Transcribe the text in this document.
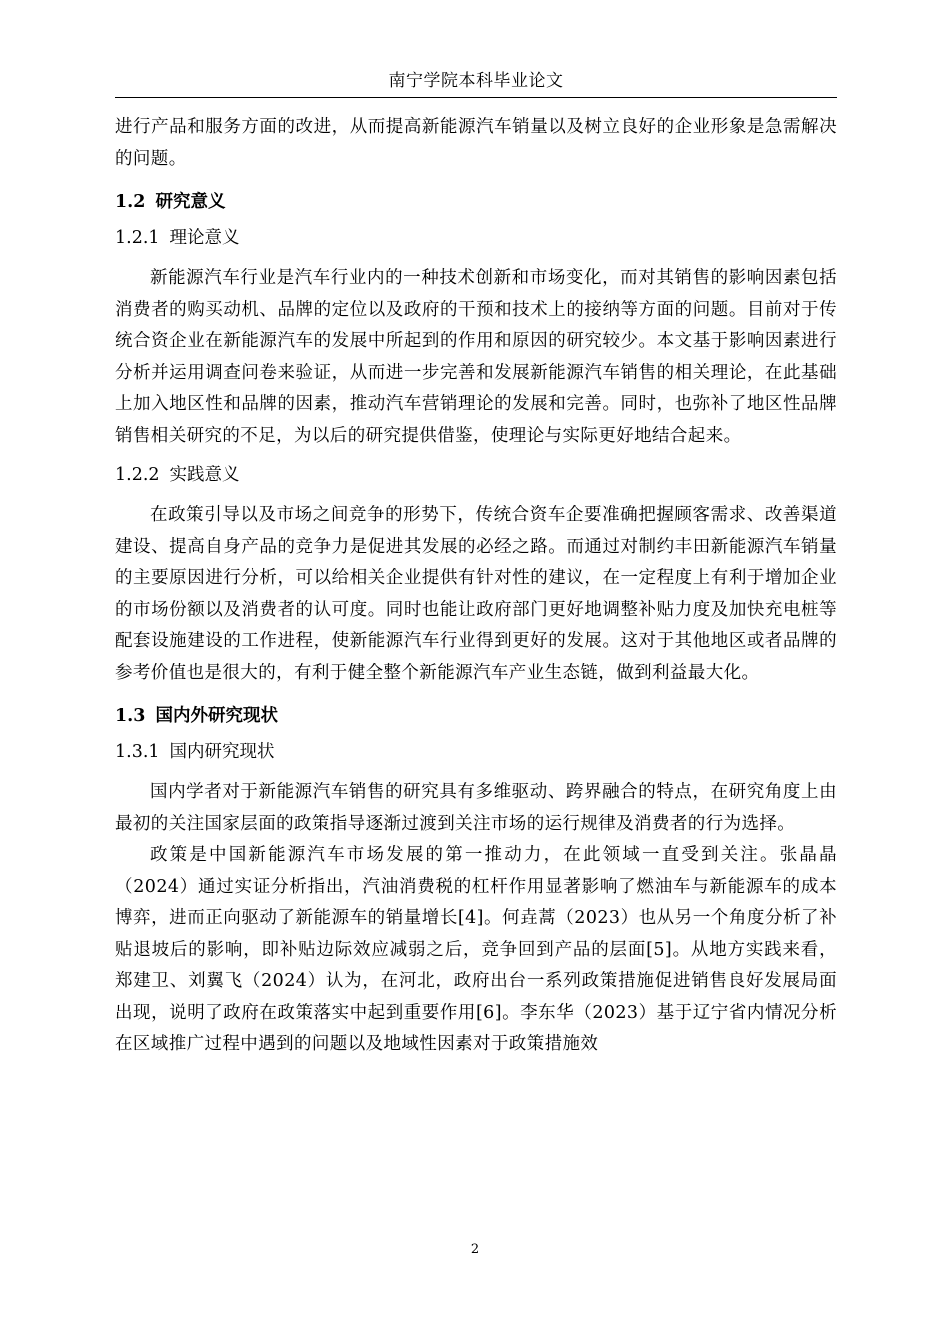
南宁学院本科毕业论文

进行产品和服务方面的改进，从而提高新能源汽车销量以及树立良好的企业形象是急需解决的问题。

1.2 研究意义
1.2.1 理论意义

新能源汽车行业是汽车行业内的一种技术创新和市场变化，而对其销售的影响因素包括消费者的购买动机、品牌的定位以及政府的干预和技术上的接纳等方面的问题。目前对于传统合资企业在新能源汽车的发展中所起到的作用和原因的研究较少。本文基于影响因素进行分析并运用调查问卷来验证，从而进一步完善和发展新能源汽车销售的相关理论，在此基础上加入地区性和品牌的因素，推动汽车营销理论的发展和完善。同时，也弥补了地区性品牌销售相关研究的不足，为以后的研究提供借鉴，使理论与实际更好地结合起来。

1.2.2 实践意义

在政策引导以及市场之间竞争的形势下，传统合资车企要准确把握顾客需求、改善渠道建设、提高自身产品的竞争力是促进其发展的必经之路。而通过对制约丰田新能源汽车销量的主要原因进行分析，可以给相关企业提供有针对性的建议，在一定程度上有利于增加企业的市场份额以及消费者的认可度。同时也能让政府部门更好地调整补贴力度及加快充电桩等配套设施建设的工作进程，使新能源汽车行业得到更好的发展。这对于其他地区或者品牌的参考价值也是很大的，有利于健全整个新能源汽车产业生态链，做到利益最大化。

1.3 国内外研究现状
1.3.1 国内研究现状

国内学者对于新能源汽车销售的研究具有多维驱动、跨界融合的特点，在研究角度上由最初的关注国家层面的政策指导逐渐过渡到关注市场的运行规律及消费者的行为选择。

政策是中国新能源汽车市场发展的第一推动力，在此领域一直受到关注。张晶晶（2024）通过实证分析指出，汽油消费税的杠杆作用显著影响了燃油车与新能源车的成本博弈，进而正向驱动了新能源车的销量增长[4]。何垚蒿（2023）也从另一个角度分析了补贴退坡后的影响，即补贴边际效应减弱之后，竞争回到产品的层面[5]。从地方实践来看，郑建卫、刘翼飞（2024）认为，在河北，政府出台一系列政策措施促进销售良好发展局面出现，说明了政府在政策落实中起到重要作用[6]。李东华（2023）基于辽宁省内情况分析在区域推广过程中遇到的问题以及地域性因素对于政策措施效

2
